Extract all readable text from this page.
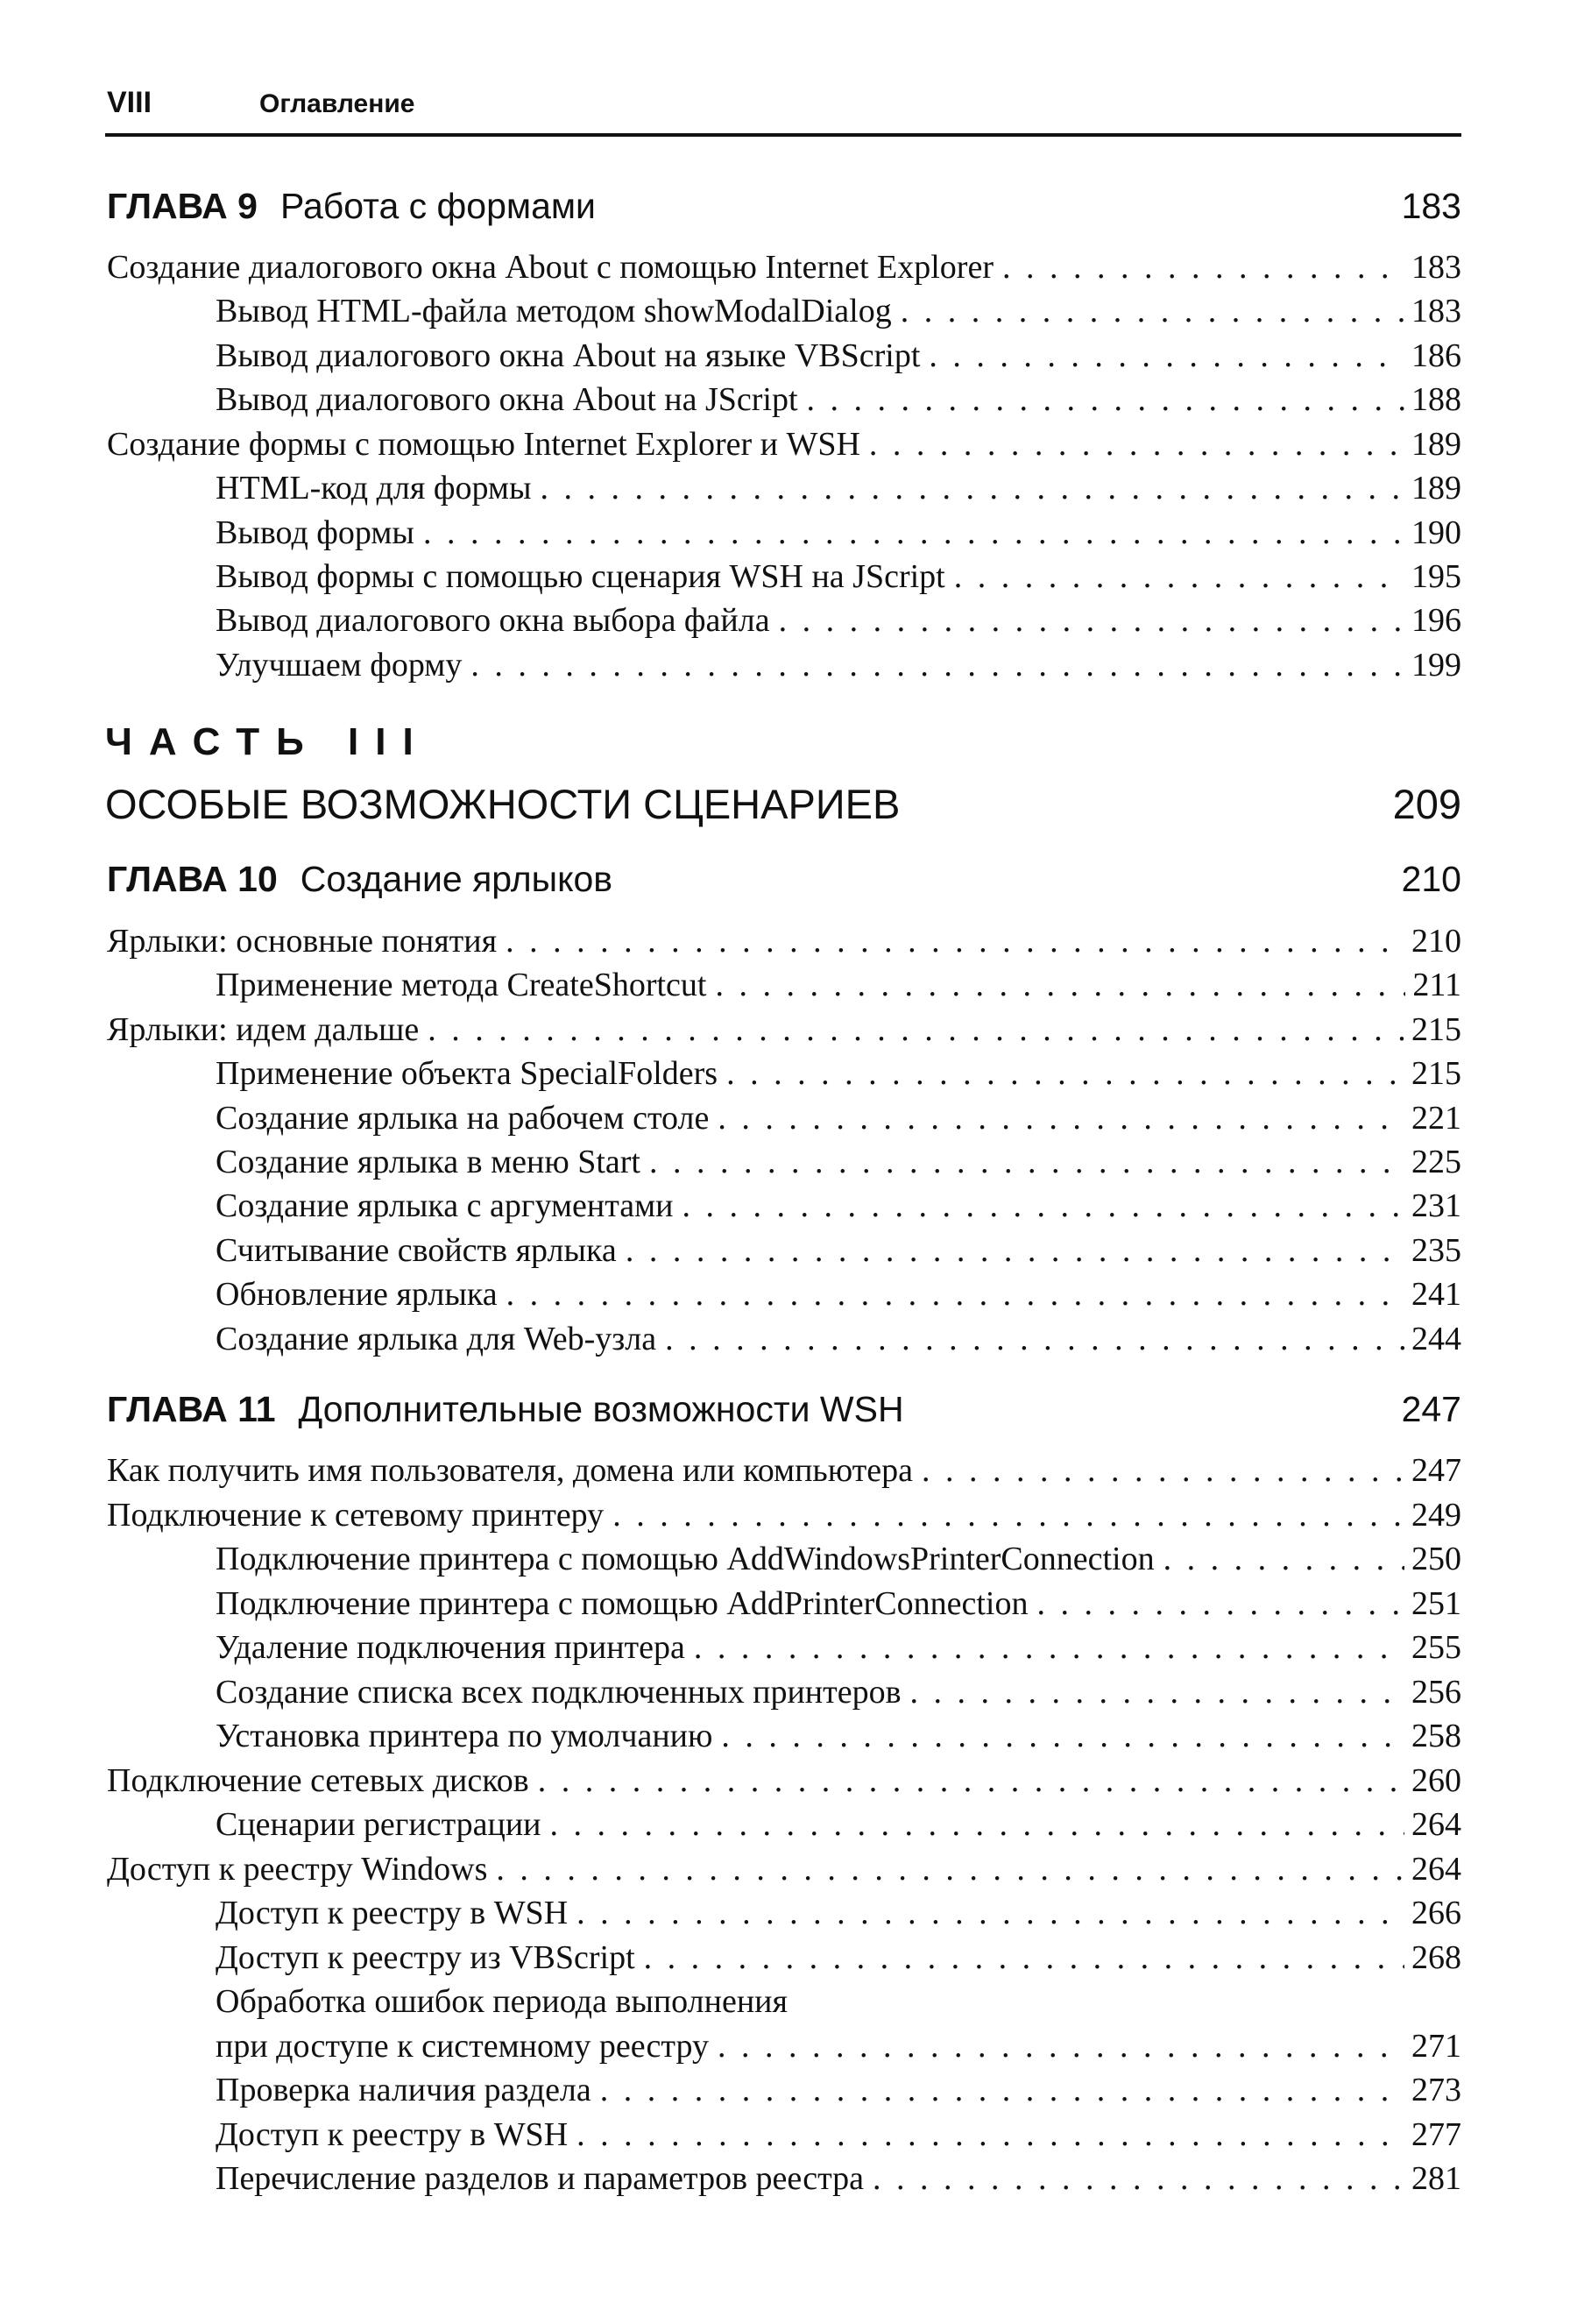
VIII	Оглавление
ГЛАВА 9 Работа с формами	183
Создание диалогового окна About с помощью Internet Explorer . . .	183
Вывод HTML-файла методом showModalDialog . . .	183
Вывод диалогового окна About на языке VBScript . . .	186
Вывод диалогового окна About на JScript . . .	188
Создание формы с помощью Internet Explorer и WSH . . .	189
HTML-код для формы . . .	189
Вывод формы . . .	190
Вывод формы с помощью сценария WSH на JScript . . .	195
Вывод диалогового окна выбора файла . . .	196
Улучшаем форму . . .	199
ЧАСТЬ III
ОСОБЫЕ ВОЗМОЖНОСТИ СЦЕНАРИЕВ	209
ГЛАВА 10 Создание ярлыков	210
Ярлыки: основные понятия . . .	210
Применение метода CreateShortcut . . .	211
Ярлыки: идем дальше . . .	215
Применение объекта SpecialFolders . . .	215
Создание ярлыка на рабочем столе . . .	221
Создание ярлыка в меню Start . . .	225
Создание ярлыка с аргументами . . .	231
Считывание свойств ярлыка . . .	235
Обновление ярлыка . . .	241
Создание ярлыка для Web-узла . . .	244
ГЛАВА 11 Дополнительные возможности WSH	247
Как получить имя пользователя, домена или компьютера . . .	247
Подключение к сетевому принтеру . . .	249
Подключение принтера с помощью AddWindowsPrinterConnection . . .	250
Подключение принтера с помощью AddPrinterConnection . . .	251
Удаление подключения принтера . . .	255
Создание списка всех подключенных принтеров . . .	256
Установка принтера по умолчанию . . .	258
Подключение сетевых дисков . . .	260
Сценарии регистрации . . .	264
Доступ к реестру Windows . . .	264
Доступ к реестру в WSH . . .	266
Доступ к реестру из VBScript . . .	268
Обработка ошибок периода выполнения
при доступе к системному реестру . . .	271
Проверка наличия раздела . . .	273
Доступ к реестру в WSH . . .	277
Перечисление разделов и параметров реестра . . .	281
